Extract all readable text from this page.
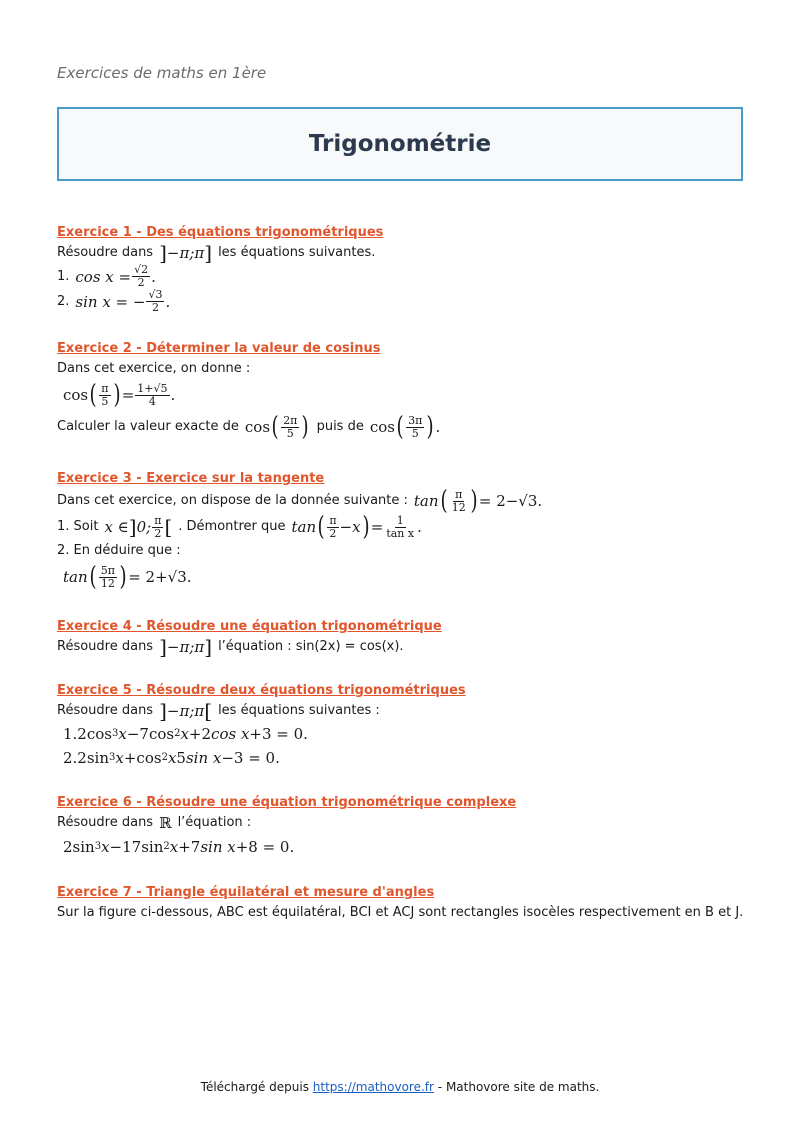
Exercices de maths en 1ère
Trigonométrie
Exercice 1 - Des équations trigonométriques
Résoudre dans ] −π;π ] les équations suivantes.
1. $\cos x = \frac{√2}{2}$ .
2. sin x = − $\frac{√3}{2}$ .
Exercice 2 - Déterminer la valeur de cosinus
Dans cet exercice, on donne :
cos ( $\frac{\pi}{5}$ ) = $\frac{1+√5}{4}$ .
Calculer la valeur exacte de cos ( $\frac{2\pi}{5}$ ) puis de cos ( $\frac{3\pi}{5}$ ) .
Exercice 3 - Exercice sur la tangente
Dans cet exercice, on dispose de la donnée suivante : tan ( $\frac{\pi}{12}$ ) = 2−√3.
1. Soit x ∈ ] 0; $\frac{\pi}{2}$ [ . Démontrer que tan ( $\frac{\pi}{2} -x$ ) = $\frac{1}{\text{tan x}}$ .
2. En déduire que :
tan ( $\frac{5\pi}{12}$ ) = 2+√3.
Exercice 4 - Résoudre une équation trigonométrique
Résoudre dans ] −π;π ] l’équation : sin(2x) = cos(x).
Exercice 5 - Résoudre deux équations trigonométriques
Résoudre dans ] −π;π [ les équations suivantes :
1.2cos 3 x −7cos 2 x +2 cos x +3 = 0.
2.2sin 3 x +cos 2 x 5 sin x −3 = 0.
Exercice 6 - Résoudre une équation trigonométrique complexe
Résoudre dans ℝ l’équation :
2sin 3 x −17sin 2 x +7 sin x +8 = 0.
Exercice 7 - Triangle équilatéral et mesure d'angles
Sur la figure ci-dessous, ABC est équilatéral, BCI et ACJ sont rectangles isocèles respectivement en B et J.
Téléchargé depuis https://mathovore.fr - Mathovore site de maths.
